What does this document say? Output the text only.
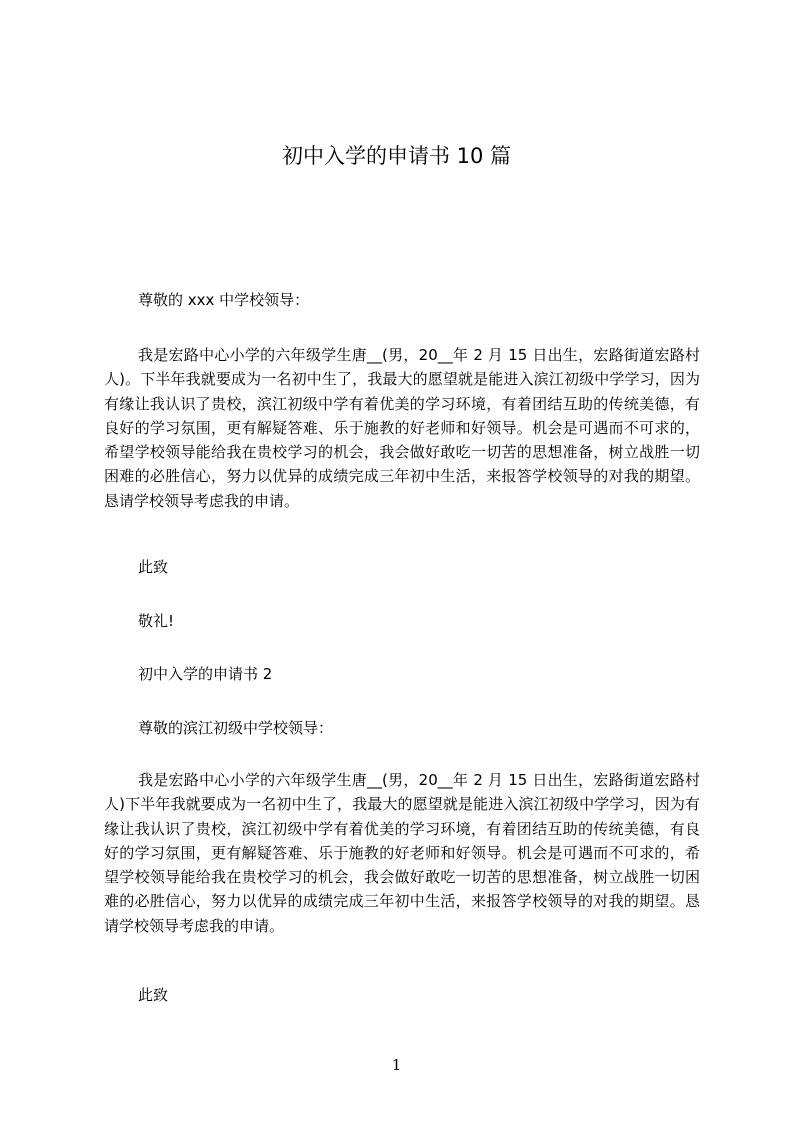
初中入学的申请书 10 篇
尊敬的 xxx 中学校领导：

我是宏路中心小学的六年级学生唐__(男，20__年 2 月 15 日出生，宏路街道宏路村人)。下半年我就要成为一名初中生了，我最大的愿望就是能进入滨江初级中学学习，因为有缘让我认识了贵校，滨江初级中学有着优美的学习环境，有着团结互助的传统美德，有良好的学习氛围，更有解疑答难、乐于施教的好老师和好领导。机会是可遇而不可求的，希望学校领导能给我在贵校学习的机会，我会做好敢吃一切苦的思想准备，树立战胜一切困难的必胜信心，努力以优异的成绩完成三年初中生活，来报答学校领导的对我的期望。恳请学校领导考虑我的申请。

此致
敬礼!
初中入学的申请书 2
尊敬的滨江初级中学校领导：

我是宏路中心小学的六年级学生唐__(男，20__年 2 月 15 日出生，宏路街道宏路村人)下半年我就要成为一名初中生了，我最大的愿望就是能进入滨江初级中学学习，因为有缘让我认识了贵校，滨江初级中学有着优美的学习环境，有着团结互助的传统美德，有良好的学习氛围，更有解疑答难、乐于施教的好老师和好领导。机会是可遇而不可求的，希望学校领导能给我在贵校学习的机会，我会做好敢吃一切苦的思想准备，树立战胜一切困难的必胜信心，努力以优异的成绩完成三年初中生活，来报答学校领导的对我的期望。恳请学校领导考虑我的申请。

此致
1
